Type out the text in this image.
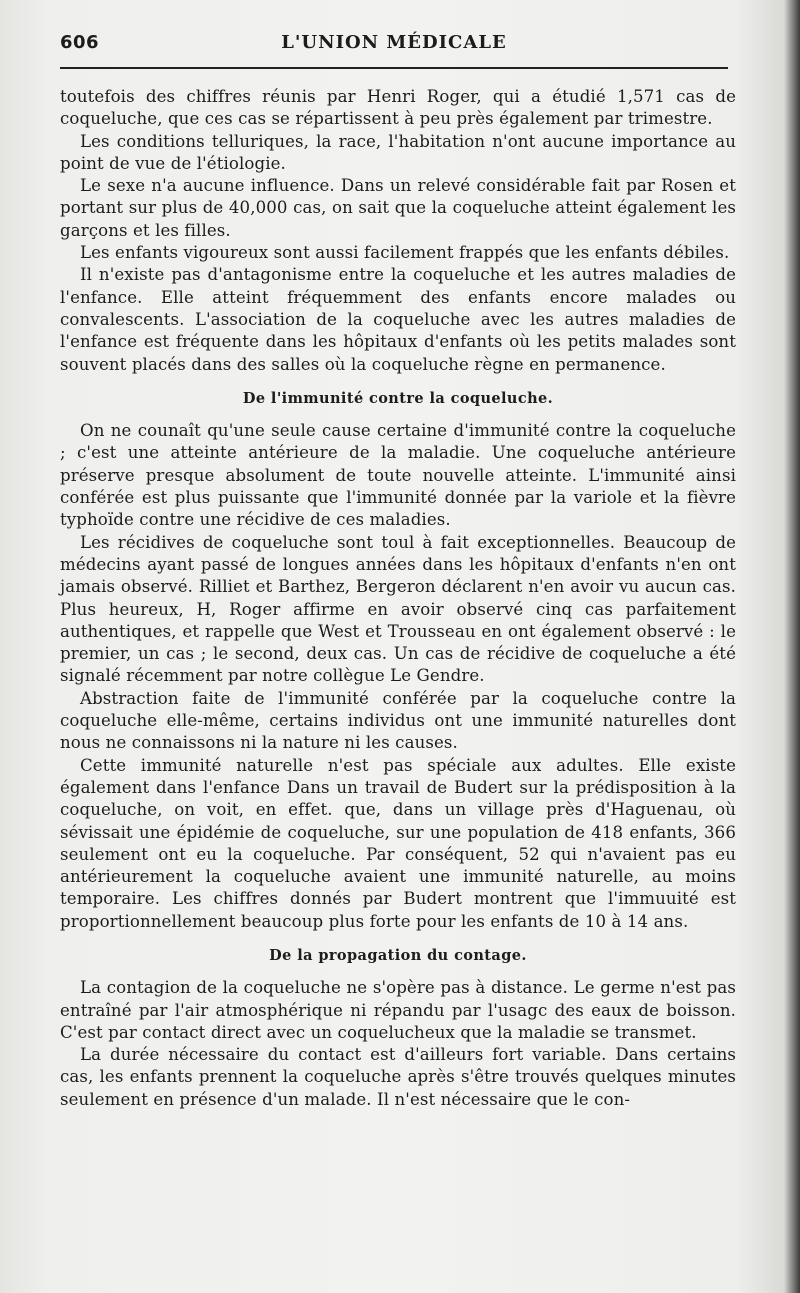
606	L'UNION MÉDICALE

toutefois des chiffres réunis par Henri Roger, qui a étudié 1,571 cas de coqueluche, que ces cas se répartissent à peu près également par trimestre.

Les conditions telluriques, la race, l'habitation n'ont aucune importance au point de vue de l'étiologie.

Le sexe n'a aucune influence. Dans un relevé considérable fait par Rosen et portant sur plus de 40,000 cas, on sait que la coqueluche atteint également les garçons et les filles.

Les enfants vigoureux sont aussi facilement frappés que les enfants débiles.

Il n'existe pas d'antagonisme entre la coqueluche et les autres maladies de l'enfance. Elle atteint fréquemment des enfants encore malades ou convalescents. L'association de la coqueluche avec les autres maladies de l'enfance est fréquente dans les hôpitaux d'enfants où les petits malades sont souvent placés dans des salles où la coqueluche règne en permanence.

De l'immunité contre la coqueluche.

On ne counaît qu'une seule cause certaine d'immunité contre la coqueluche ; c'est une atteinte antérieure de la maladie. Une coqueluche antérieure préserve presque absolument de toute nouvelle atteinte. L'immunité ainsi conférée est plus puissante que l'immunité donnée par la variole et la fièvre typhoïde contre une récidive de ces maladies.

Les récidives de coqueluche sont toul à fait exceptionnelles. Beaucoup de médecins ayant passé de longues années dans les hôpitaux d'enfants n'en ont jamais observé. Rilliet et Barthez, Bergeron déclarent n'en avoir vu aucun cas. Plus heureux, H, Roger affirme en avoir observé cinq cas parfaitement authentiques, et rappelle que West et Trousseau en ont également observé : le premier, un cas ; le second, deux cas. Un cas de récidive de coqueluche a été signalé récemment par notre collègue Le Gendre.

Abstraction faite de l'immunité conférée par la coqueluche contre la coqueluche elle-même, certains individus ont une immunité naturelles dont nous ne connaissons ni la nature ni les causes.

Cette immunité naturelle n'est pas spéciale aux adultes. Elle existe également dans l'enfance Dans un travail de Budert sur la prédisposition à la coqueluche, on voit, en effet. que, dans un village près d'Haguenau, où sévissait une épidémie de coqueluche, sur une population de 418 enfants, 366 seulement ont eu la coqueluche. Par conséquent, 52 qui n'avaient pas eu antérieurement la coqueluche avaient une immunité naturelle, au moins temporaire. Les chiffres donnés par Budert montrent que l'immuuité est proportionnellement beaucoup plus forte pour les enfants de 10 à 14 ans.

De la propagation du contage.

La contagion de la coqueluche ne s'opère pas à distance. Le germe n'est pas entraîné par l'air atmosphérique ni répandu par l'usagc des eaux de boisson. C'est par contact direct avec un coquelucheux que la maladie se transmet.

La durée nécessaire du contact est d'ailleurs fort variable. Dans certains cas, les enfants prennent la coqueluche après s'être trouvés quelques minutes seulement en présence d'un malade. Il n'est nécessaire que le con-
